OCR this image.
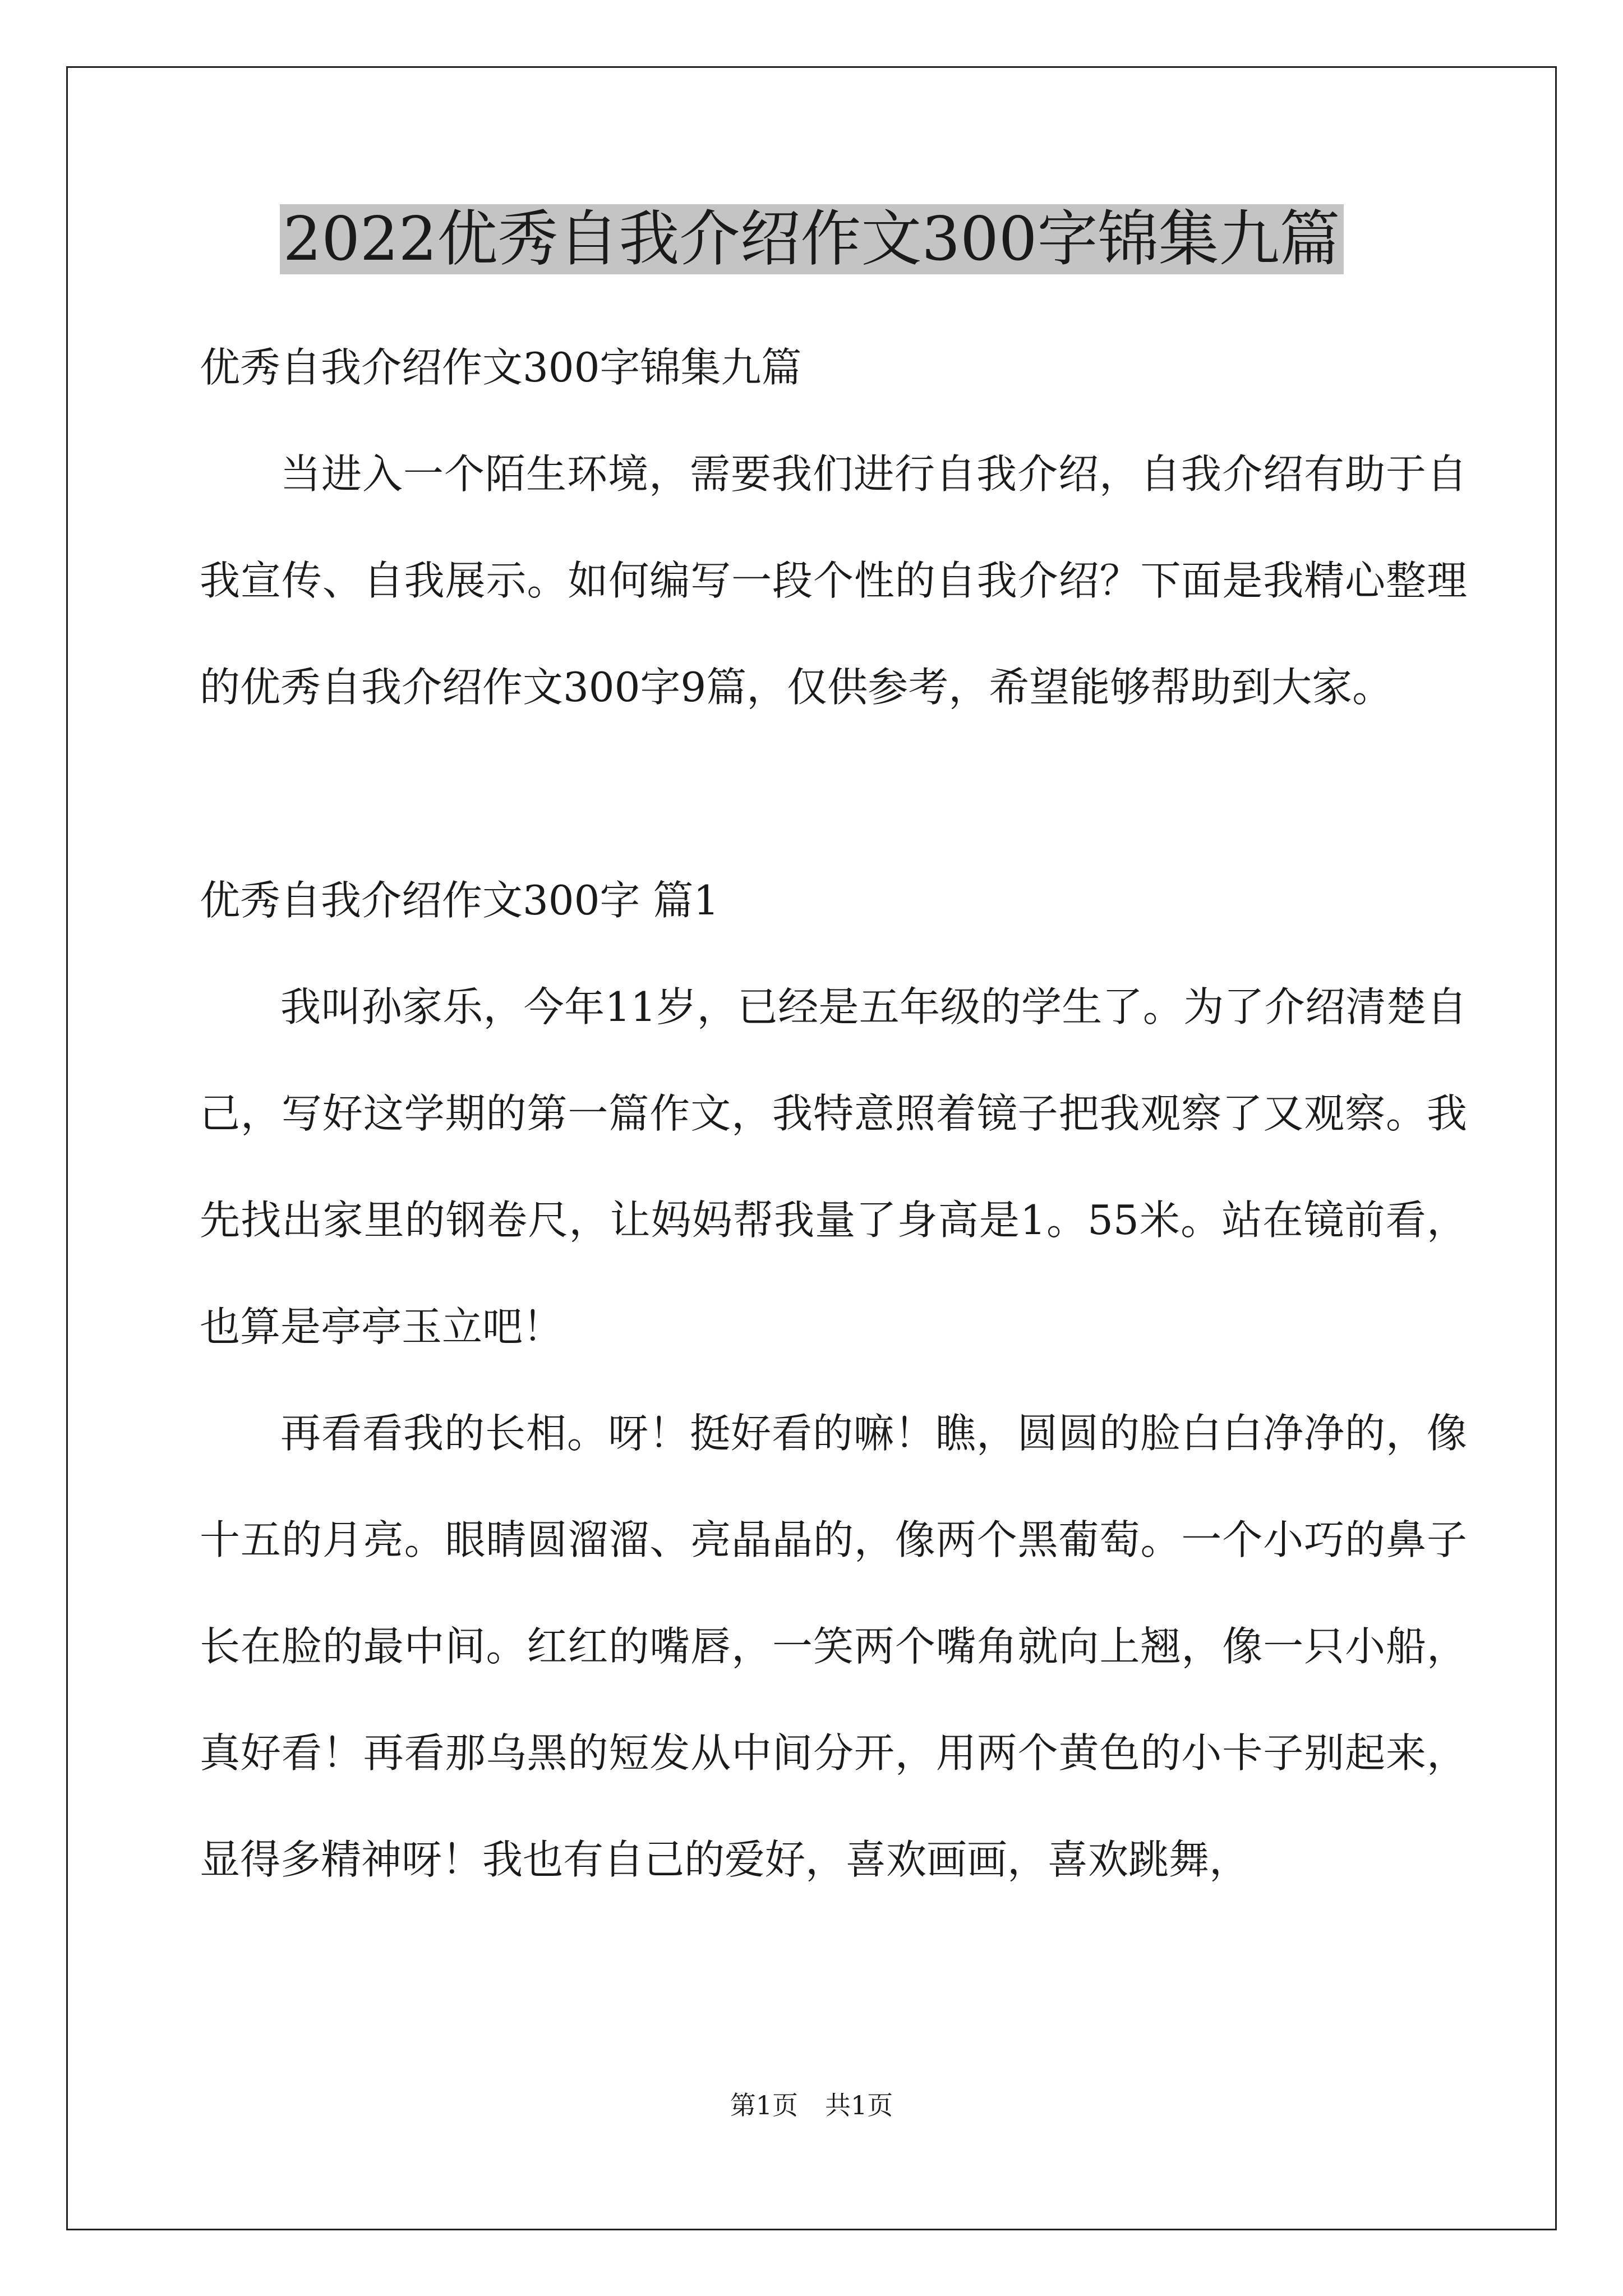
2022优秀自我介绍作文300字锦集九篇

优秀自我介绍作文300字锦集九篇

当进入一个陌生环境，需要我们进行自我介绍，自我介绍有助于自我宣传、自我展示。如何编写一段个性的自我介绍？下面是我精心整理的优秀自我介绍作文300字9篇，仅供参考，希望能够帮助到大家。

优秀自我介绍作文300字 篇1

我叫孙家乐，今年11岁，已经是五年级的学生了。为了介绍清楚自己，写好这学期的第一篇作文，我特意照着镜子把我观察了又观察。我先找出家里的钢卷尺，让妈妈帮我量了身高是1。55米。站在镜前看，也算是亭亭玉立吧！

再看看我的长相。呀！挺好看的嘛！瞧，圆圆的脸白白净净的，像十五的月亮。眼睛圆溜溜、亮晶晶的，像两个黑葡萄。一个小巧的鼻子长在脸的最中间。红红的嘴唇，一笑两个嘴角就向上翘，像一只小船，真好看！再看那乌黑的短发从中间分开，用两个黄色的小卡子别起来，显得多精神呀！我也有自己的爱好，喜欢画画，喜欢跳舞，

第1页 共1页
